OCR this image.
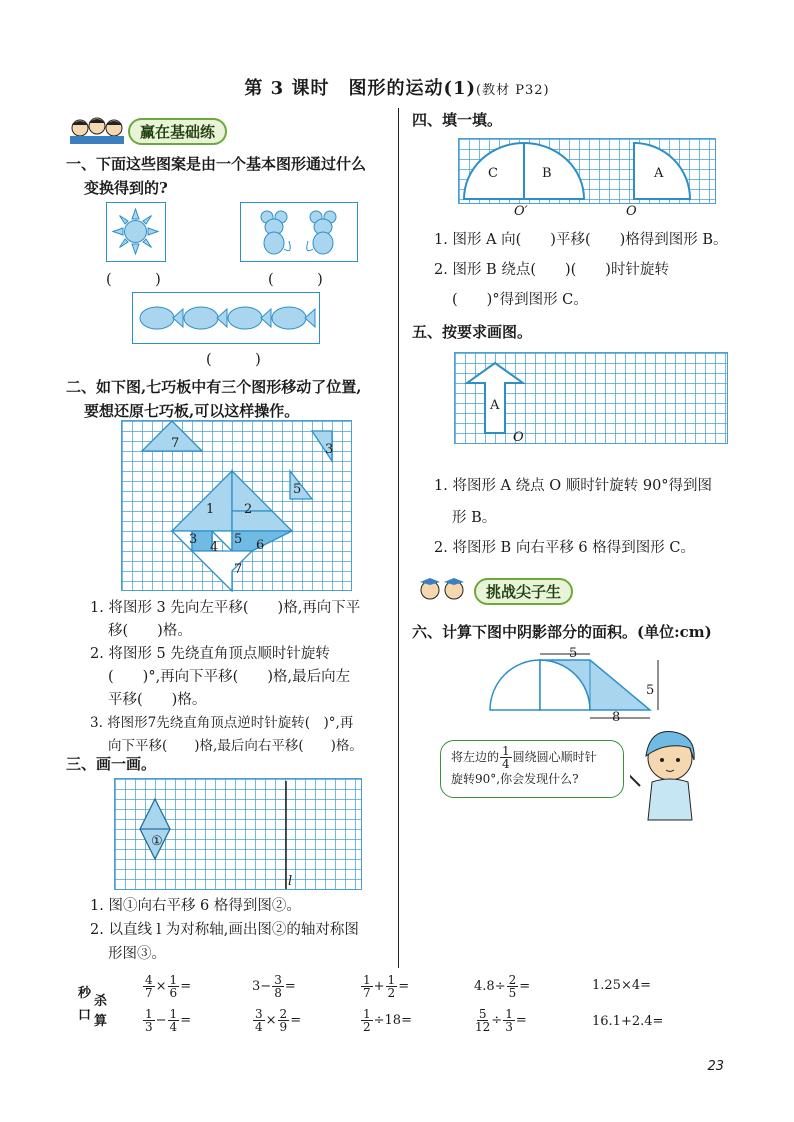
第 3 课时　图形的运动(1)(教材 P32)
赢在基础练
一、下面这些图案是由一个基本图形通过什么
变换得到的?
(　　　)	(　　　)
(　　　)
二、如下图,七巧板中有三个图形移动了位置,
要想还原七巧板,可以这样操作。
7	3
5
1 2
3
4
5 6
7
1. 将图形 3 先向左平移(　　)格,再向下平
移(　　)格。
2. 将图形 5 先绕直角顶点顺时针旋转
(　　)°,再向下平移(　　)格,最后向左
平移(　　)格。
3. 将图形7先绕直角顶点逆时针旋转(　)°,再
向下平移(　　)格,最后向右平移(　　)格。
三、画一画。
①
l
1. 图①向右平移 6 格得到图②。
2. 以直线 l 为对称轴,画出图②的轴对称图
形图③。
四、填一填。
C	B	A
O′	O
1. 图形 A 向(　　)平移(　　)格得到图形 B。
2. 图形 B 绕点(　　)(　　)时针旋转
(　　)°得到图形 C。
五、按要求画图。
A
O
1. 将图形 A 绕点 O 顺时针旋转 90°得到图
形 B。
2. 将图形 B 向右平移 6 格得到图形 C。
挑战尖子生
六、计算下图中阴影部分的面积。(单位:cm)
5
5
8
将左边的 $\frac{1}{4}$ 圆绕圆心顺时针
旋转90°,你会发现什么?
秒
杀
口 算
$\frac{4}{7} \times \frac{1}{6}$ =	$3- \frac{3}{8}$ =	$\frac{1}{7} + \frac{1}{2}$ =	$4.8\div \frac{2}{5}$ =	1.25×4=
$\frac{1}{3} - \frac{1}{4}$ =	$\frac{3}{4} \times \frac{2}{9}$ =	$\frac{1}{2} \div 18=$	$\frac{5}{12} \div \frac{1}{3}$ =	16.1+2.4=
23
